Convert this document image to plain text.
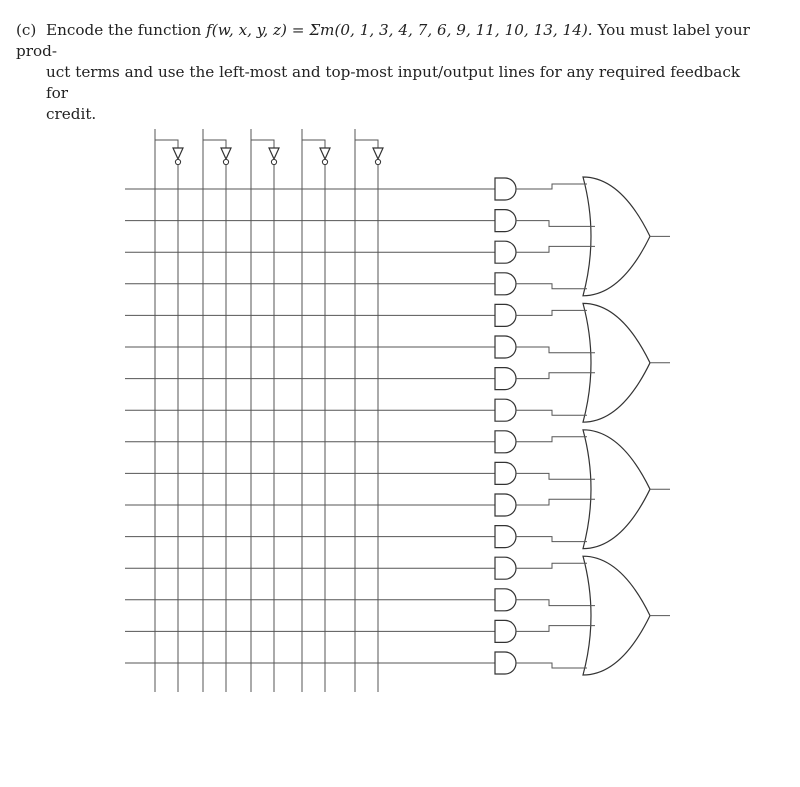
(c) Encode the function f(w, x, y, z) = Σm(0, 1, 3, 4, 7, 6, 9, 11, 10, 13, 14). You must label your prod-
uct terms and use the left-most and top-most input/output lines for any required feedback for
credit.
